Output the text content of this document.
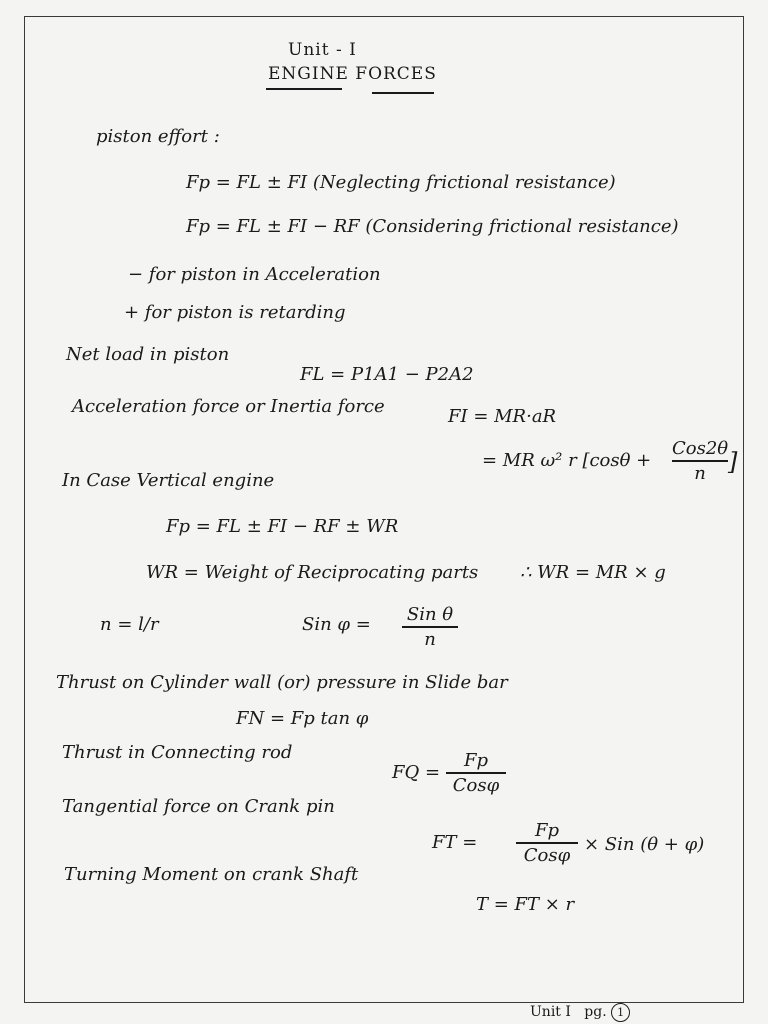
Unit - I
ENGINE FORCES
piston effort :
Fp = FL ± FI (Neglecting frictional resistance)
Fp = FL ± FI − RF (Considering frictional resistance)
− for piston in Acceleration
+ for piston is retarding
Net load in piston
FL = P1A1 − P2A2
Acceleration force or Inertia force	FI = MR·aR
= MR ω² r [cosθ +
Cos2θ
n ]
In Case Vertical engine
Fp = FL ± FI − RF ± WR
WR = Weight of Reciprocating parts ∴ WR = MR × g
n = l/r	Sin φ = Sin θ
n
Thrust on Cylinder wall (or) pressure in Slide bar
FN = Fp tan φ
Thrust in Connecting rod
FQ =
Fp
Cosφ
Tangential force on Crank pin
FT =
Fp
Cosφ × Sin (θ + φ)
Turning Moment on crank Shaft
T = FT × r
Unit I pg. 1
